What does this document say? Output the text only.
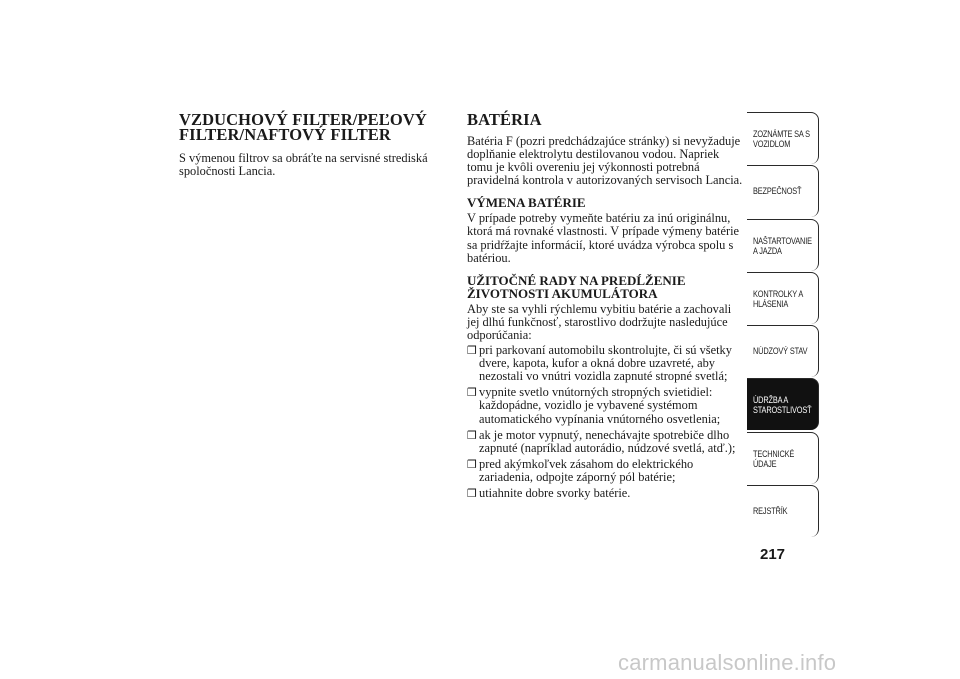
VZDUCHOVÝ FILTER/PEĽOVÝ
FILTER/NAFTOVÝ FILTER

S výmenou filtrov sa obráťte na servisné strediská spoločnosti Lancia.

BATÉRIA

Batéria F (pozri predchádzajúce stránky) si nevyžaduje doplňanie elektrolytu destilovanou vodou. Napriek tomu je kvôli overeniu jej výkonnosti potrebná pravidelná kontrola v autorizovaných servisoch Lancia.

VÝMENA BATÉRIE

V prípade potreby vymeňte batériu za inú originálnu, ktorá má rovnaké vlastnosti. V prípade výmeny batérie sa pridŕžajte informácií, ktoré uvádza výrobca spolu s batériou.

UŽITOČNÉ RADY NA PREDĹŽENIE
ŽIVOTNOSTI AKUMULÁTORA

Aby ste sa vyhli rýchlemu vybitiu batérie a zachovali jej dlhú funkčnosť, starostlivo dodržujte nasledujúce odporúčania:

❒ pri parkovaní automobilu skontrolujte, či sú všetky dvere, kapota, kufor a okná dobre uzavreté, aby nezostali vo vnútri vozidla zapnuté stropné svetlá;
❒ vypnite svetlo vnútorných stropných svietidiel: každopádne, vozidlo je vybavené systémom automatického vypínania vnútorného osvetlenia;
❒ ak je motor vypnutý, nenechávajte spotrebiče dlho zapnuté (napríklad autorádio, núdzové svetlá, atď.);
❒ pred akýmkoľvek zásahom do elektrického zariadenia, odpojte záporný pól batérie;
❒ utiahnite dobre svorky batérie.
ZOZNÁMTE SA S
VOZIDLOM
BEZPEČNOSŤ
NAŠTARTOVANIE
A JAZDA
KONTROLKY A
HLÁSENIA
NÚDZOVÝ STAV
ÚDRŽBA A
STAROSTLIVOSŤ
TECHNICKÉ
ÚDAJE
REJSTŘÍK
217
carmanualsonline.info
